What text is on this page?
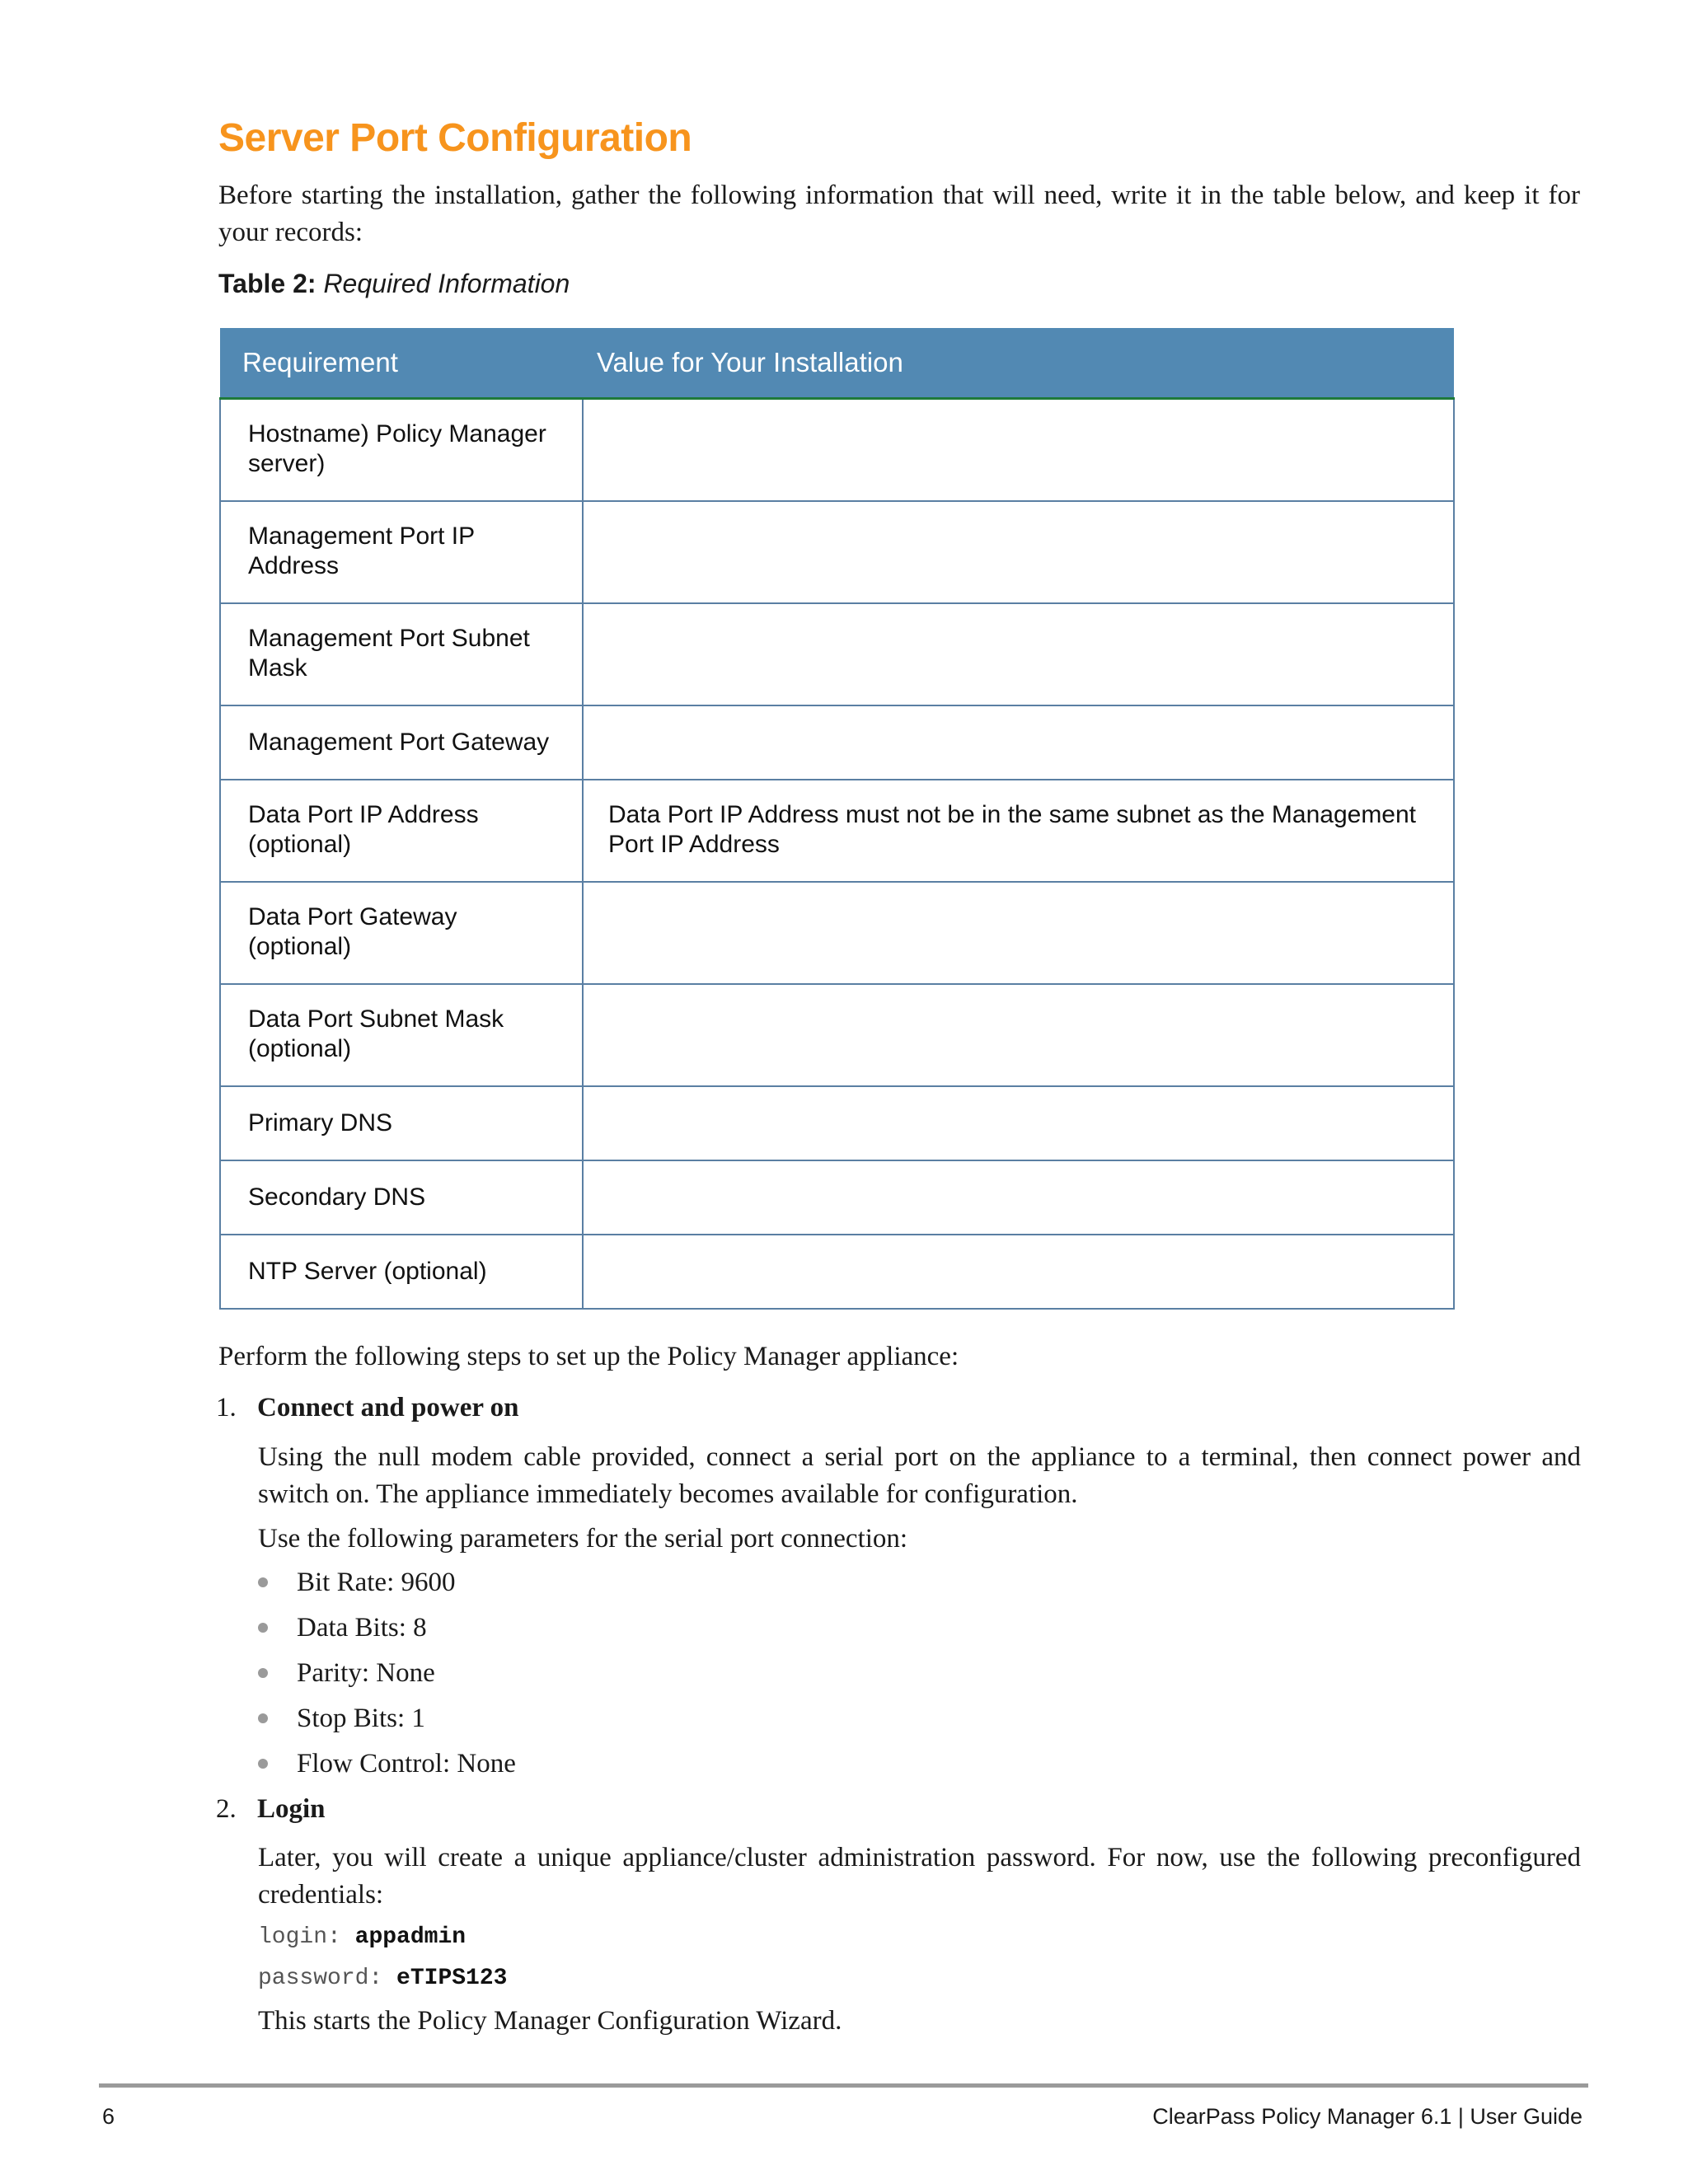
Server Port Configuration

Before starting the installation, gather the following information that will need, write it in the table below, and keep it for your records:

Table 2: Required Information

Requirement	Value for Your Installation
Hostname) Policy Manager server)	
Management Port IP Address	
Management Port Subnet Mask	
Management Port Gateway	
Data Port IP Address (optional)	Data Port IP Address must not be in the same subnet as the Management Port IP Address
Data Port Gateway (optional)	
Data Port Subnet Mask (optional)	
Primary DNS	
Secondary DNS	
NTP Server (optional)	

Perform the following steps to set up the Policy Manager appliance:

1. Connect and power on

Using the null modem cable provided, connect a serial port on the appliance to a terminal, then connect power and switch on. The appliance immediately becomes available for configuration.

Use the following parameters for the serial port connection:

Bit Rate: 9600
Data Bits: 8
Parity: None
Stop Bits: 1
Flow Control: None

2. Login

Later, you will create a unique appliance/cluster administration password. For now, use the following preconfigured credentials:

login: appadmin

password: eTIPS123

This starts the Policy Manager Configuration Wizard.

6	ClearPass Policy Manager 6.1 | User Guide
